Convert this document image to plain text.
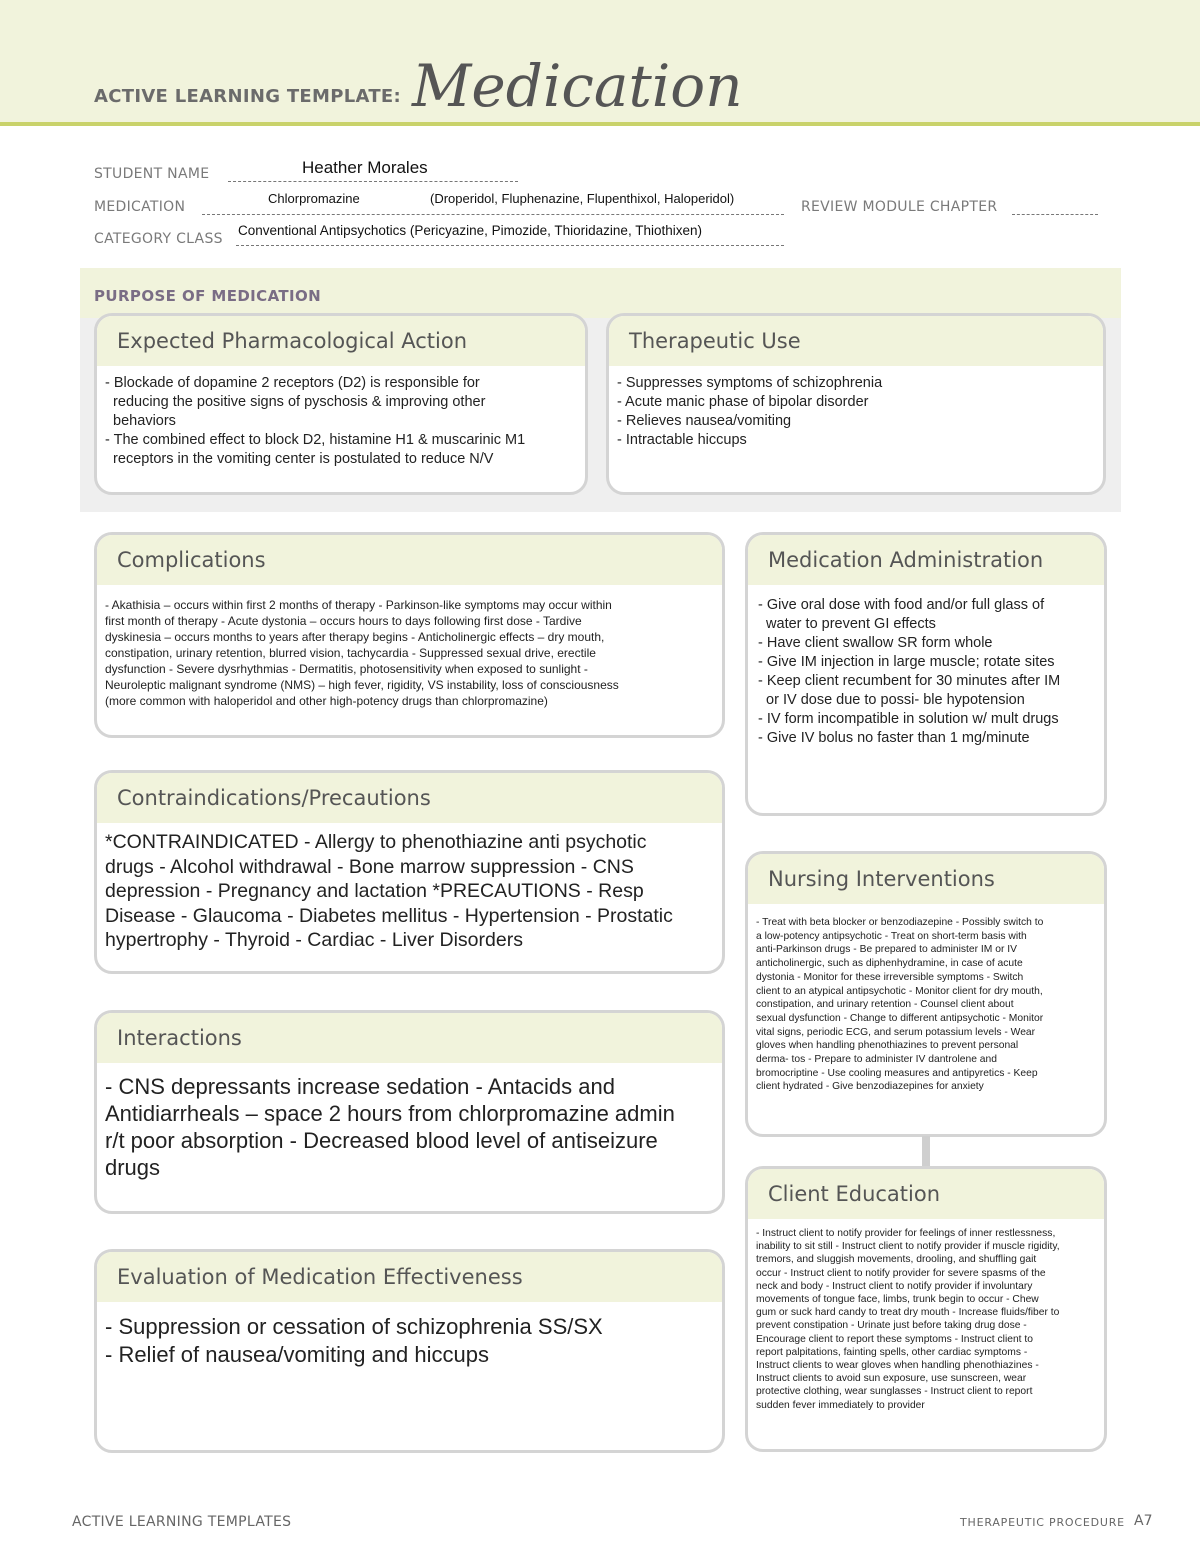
ACTIVE LEARNING TEMPLATE: Medication
STUDENT NAME	Heather Morales
MEDICATION
Chlorpromazine	(Droperidol, Fluphenazine, Flupenthixol, Haloperidol)
REVIEW MODULE CHAPTER
CATEGORY CLASS
Conventional Antipsychotics (Pericyazine, Pimozide, Thioridazine, Thiothixen)
PURPOSE OF MEDICATION
Expected Pharmacological Action
- Blockade of dopamine 2 receptors (D2) is responsible for
reducing the positive signs of pyschosis & improving other
behaviors
- The combined effect to block D2, histamine H1 & muscarinic M1
receptors in the vomiting center is postulated to reduce N/V
Therapeutic Use
- Suppresses symptoms of schizophrenia
- Acute manic phase of bipolar disorder
- Relieves nausea/vomiting
- Intractable hiccups
Complications
- Akathisia – occurs within first 2 months of therapy - Parkinson-like symptoms may occur within
first month of therapy - Acute dystonia – occurs hours to days following first dose - Tardive
dyskinesia – occurs months to years after therapy begins - Anticholinergic effects – dry mouth,
constipation, urinary retention, blurred vision, tachycardia - Suppressed sexual drive, erectile
dysfunction - Severe dysrhythmias - Dermatitis, photosensitivity when exposed to sunlight -
Neuroleptic malignant syndrome (NMS) – high fever, rigidity, VS instability, loss of consciousness
(more common with haloperidol and other high-potency drugs than chlorpromazine)
Medication Administration
- Give oral dose with food and/or full glass of
water to prevent GI effects
- Have client swallow SR form whole
- Give IM injection in large muscle; rotate sites
- Keep client recumbent for 30 minutes after IM
or IV dose due to possi- ble hypotension
- IV form incompatible in solution w/ mult drugs
- Give IV bolus no faster than 1 mg/minute
Contraindications/Precautions
*CONTRAINDICATED - Allergy to phenothiazine anti psychotic
drugs - Alcohol withdrawal - Bone marrow suppression - CNS
depression - Pregnancy and lactation *PRECAUTIONS - Resp
Disease - Glaucoma - Diabetes mellitus - Hypertension - Prostatic
hypertrophy - Thyroid - Cardiac - Liver Disorders
Nursing Interventions
- Treat with beta blocker or benzodiazepine - Possibly switch to
a low-potency antipsychotic - Treat on short-term basis with
anti-Parkinson drugs - Be prepared to administer IM or IV
anticholinergic, such as diphenhydramine, in case of acute
dystonia - Monitor for these irreversible symptoms - Switch
client to an atypical antipsychotic - Monitor client for dry mouth,
constipation, and urinary retention - Counsel client about
sexual dysfunction - Change to different antipsychotic - Monitor
vital signs, periodic ECG, and serum potassium levels - Wear
gloves when handling phenothiazines to prevent personal
derma- tos - Prepare to administer IV dantrolene and
bromocriptine - Use cooling measures and antipyretics - Keep
client hydrated - Give benzodiazepines for anxiety
Interactions
- CNS depressants increase sedation - Antacids and
Antidiarrheals – space 2 hours from chlorpromazine admin
r/t poor absorption - Decreased blood level of antiseizure
drugs
Client Education
- Instruct client to notify provider for feelings of inner restlessness,
inability to sit still - Instruct client to notify provider if muscle rigidity,
tremors, and sluggish movements, drooling, and shuffling gait
occur - Instruct client to notify provider for severe spasms of the
neck and body - Instruct client to notify provider if involuntary
movements of tongue face, limbs, trunk begin to occur - Chew
gum or suck hard candy to treat dry mouth - Increase fluids/fiber to
prevent constipation - Urinate just before taking drug dose -
Encourage client to report these symptoms - Instruct client to
report palpitations, fainting spells, other cardiac symptoms -
Instruct clients to wear gloves when handling phenothiazines -
Instruct clients to avoid sun exposure, use sunscreen, wear
protective clothing, wear sunglasses - Instruct client to report
sudden fever immediately to provider
Evaluation of Medication Effectiveness
- Suppression or cessation of schizophrenia SS/SX
- Relief of nausea/vomiting and hiccups
ACTIVE LEARNING TEMPLATES	THERAPEUTIC PROCEDURE A7
